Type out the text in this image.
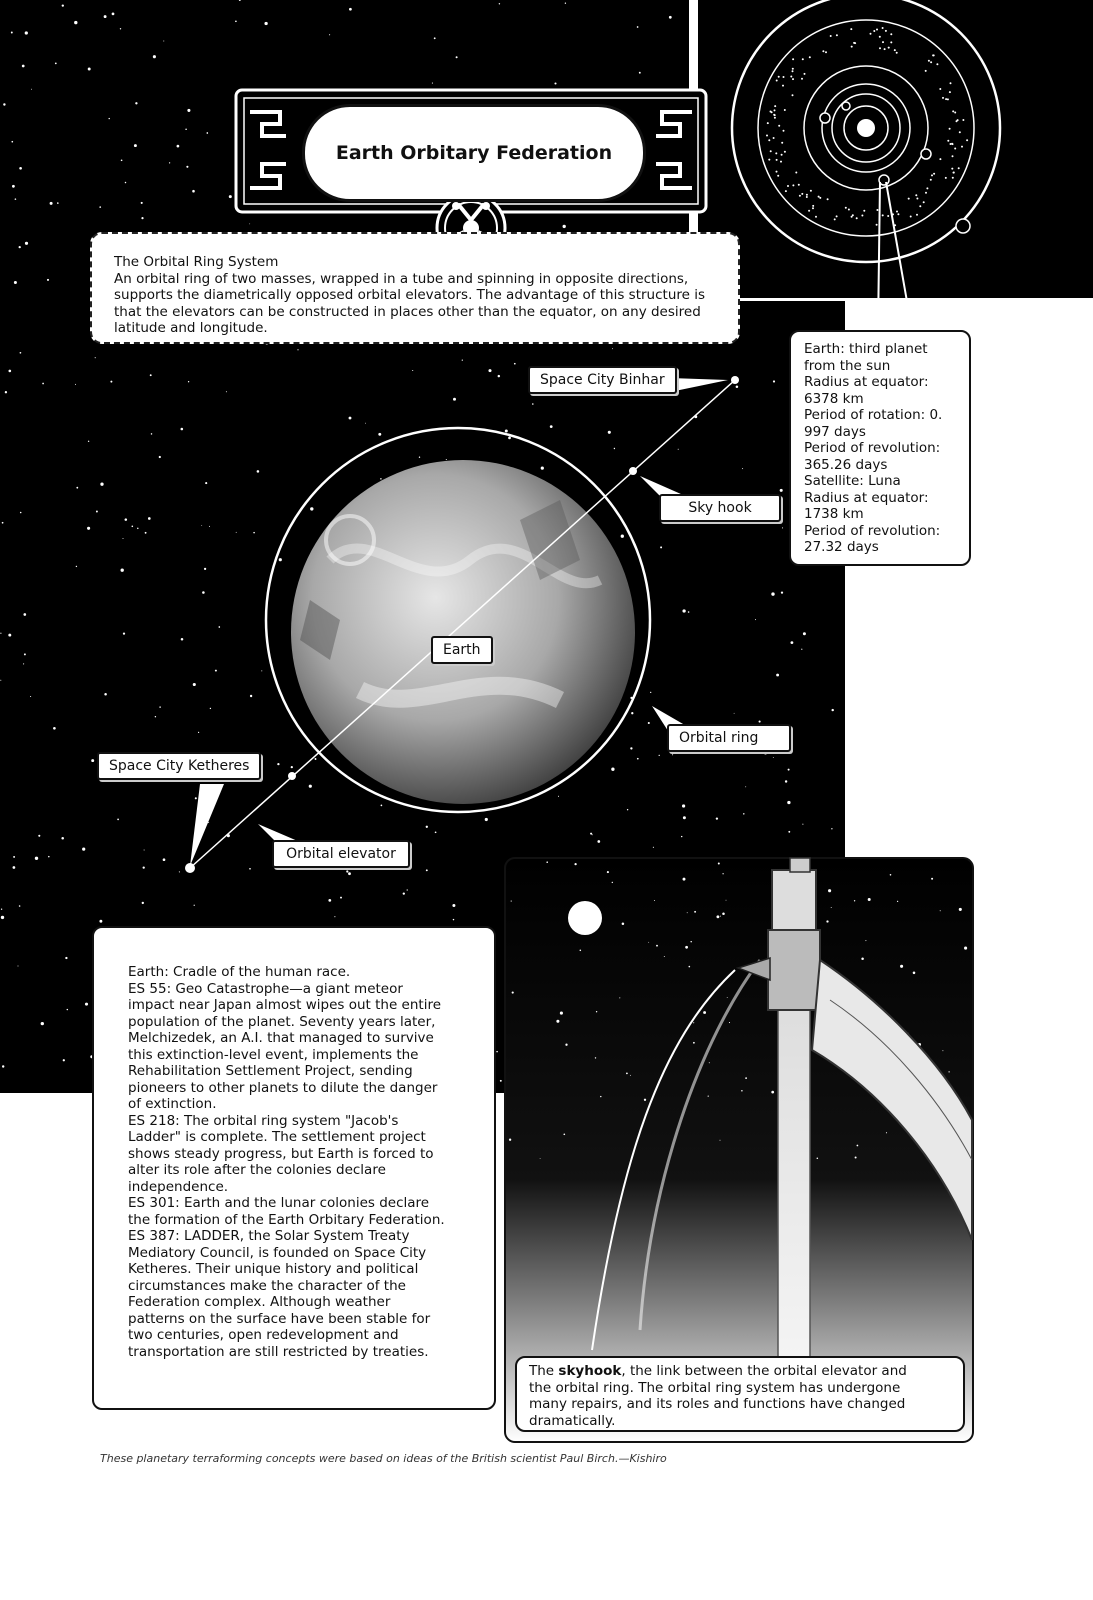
Earth Orbitary Federation
The Orbital Ring System
An orbital ring of two masses, wrapped in a tube and spinning in opposite directions, supports the diametrically opposed orbital elevators. The advantage of this structure is that the elevators can be constructed in places other than the equator, on any desired latitude and longitude.
Earth: third planet
from the sun
Radius at equator:
6378 km
Period of rotation: 0.
997 days
Period of revolution:
365.26 days
Satellite: Luna
Radius at equator:
1738 km
Period of revolution:
27.32 days
Space City Binhar
Sky hook
Earth
Orbital ring
Space City Ketheres
Orbital elevator
Earth: Cradle of the human race.
ES 55: Geo Catastrophe—a giant meteor
impact near Japan almost wipes out the entire
population of the planet. Seventy years later,
Melchizedek, an A.I. that managed to survive
this extinction-level event, implements the
Rehabilitation Settlement Project, sending
pioneers to other planets to dilute the danger
of extinction.
ES 218: The orbital ring system "Jacob's
Ladder" is complete. The settlement project
shows steady progress, but Earth is forced to
alter its role after the colonies declare
independence.
ES 301: Earth and the lunar colonies declare
the formation of the Earth Orbitary Federation.
ES 387: LADDER, the Solar System Treaty
Mediatory Council, is founded on Space City
Ketheres. Their unique history and political
circumstances make the character of the
Federation complex. Although weather
patterns on the surface have been stable for
two centuries, open redevelopment and
transportation are still restricted by treaties.
The skyhook, the link between the orbital elevator and
the orbital ring. The orbital ring system has undergone
many repairs, and its roles and functions have changed
dramatically.
These planetary terraforming concepts were based on ideas of the British scientist Paul Birch.—Kishiro
